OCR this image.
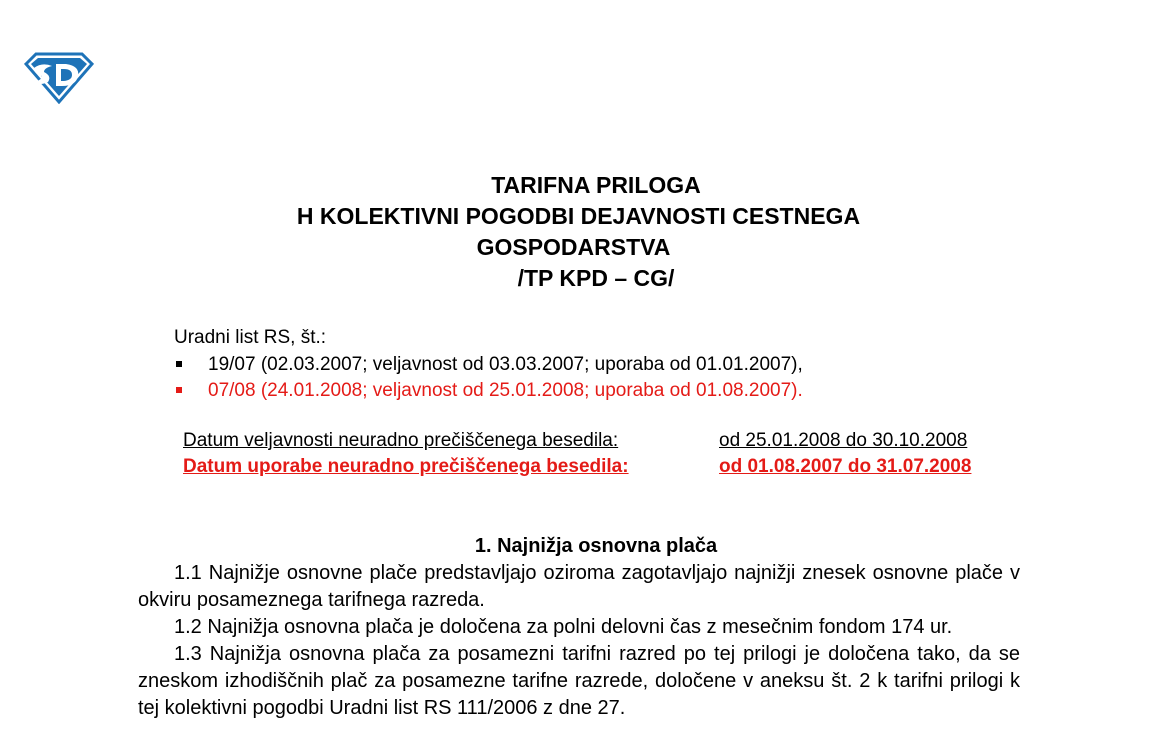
TARIFNA PRILOGA
H KOLEKTIVNI POGODBI DEJAVNOSTI CESTNEGA
GOSPODARSTVA
/TP KPD – CG/
Uradni list RS, št.:
19/07 (02.03.2007; veljavnost od 03.03.2007; uporaba od 01.01.2007),
07/08 (24.01.2008; veljavnost od 25.01.2008; uporaba od 01.08.2007).
Datum veljavnosti neuradno prečiščenega besedila:	od 25.01.2008 do 30.10.2008
Datum uporabe neuradno prečiščenega besedila:	od 01.08.2007 do 31.07.2008
1. Najnižja osnovna plača

1.1 Najnižje osnovne plače predstavljajo oziroma zagotavljajo najnižji znesek osnovne plače v okviru posameznega tarifnega razreda.

1.2 Najnižja osnovna plača je določena za polni delovni čas z mesečnim fondom 174 ur.

1.3 Najnižja osnovna plača za posamezni tarifni razred po tej prilogi je določena tako, da se zneskom izhodiščnih plač za posamezne tarifne razrede, določene v aneksu št. 2 k tarifni prilogi k tej kolektivni pogodbi Uradni list RS 111/2006 z dne 27.
